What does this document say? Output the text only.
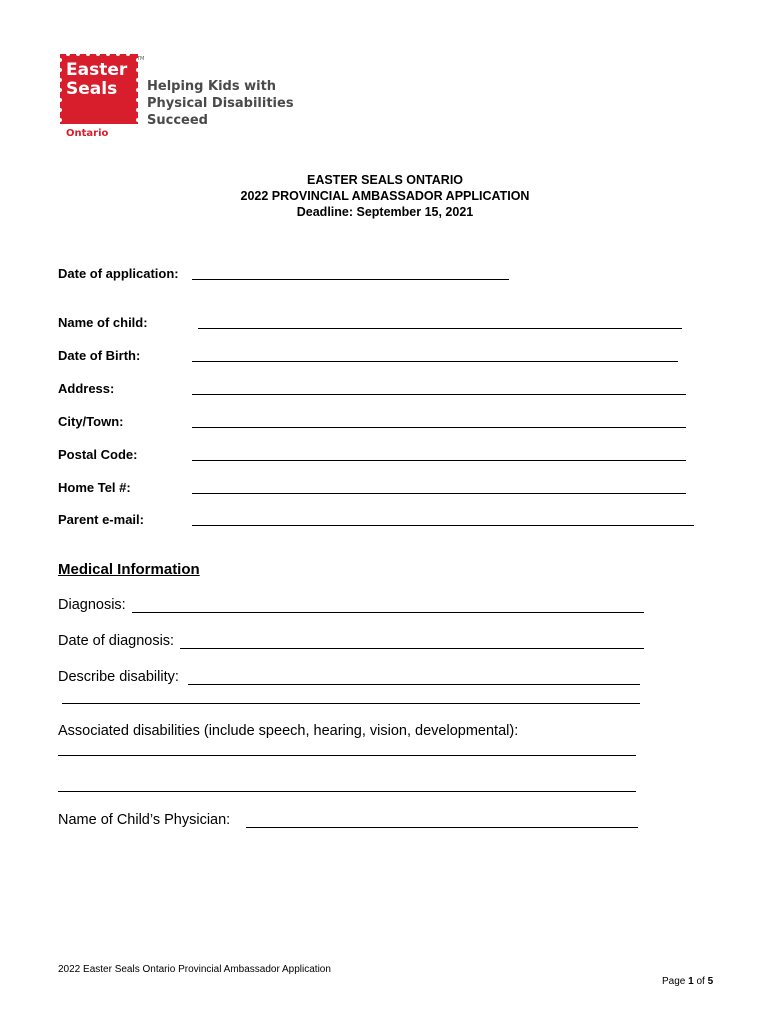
Easter
Seals
Ontario
TM
Helping Kids with
Physical Disabilities
Succeed
EASTER SEALS ONTARIO
2022 PROVINCIAL AMBASSADOR APPLICATION
Deadline: September 15, 2021
Date of application:
Name of child:
Date of Birth:
Address:
City/Town:
Postal Code:
Home Tel #:
Parent e-mail:
Medical Information
Diagnosis:
Date of diagnosis:
Describe disability:
Associated disabilities (include speech, hearing, vision, developmental):
Name of Child’s Physician:
2022 Easter Seals Ontario Provincial Ambassador Application
Page 1 of 5
